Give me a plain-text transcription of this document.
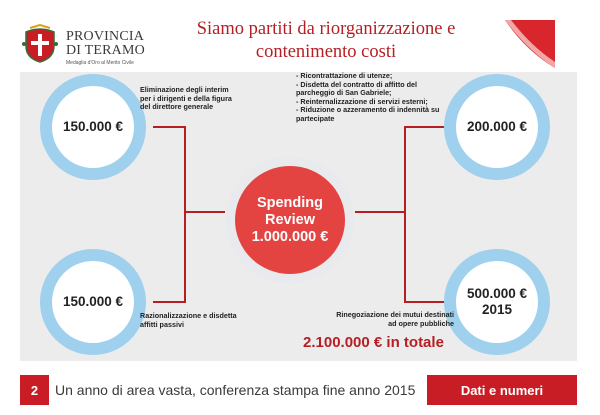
PROVINCIA
DI TERAMO
Medaglia d'Oro al Merito Civile
Siamo partiti da riorganizzazione e contenimento costi
150.000 €
150.000 €
200.000 €
500.000 €
2015
Spending
Review
1.000.000 €
Eliminazione degli interim per i dirigenti e della figura del direttore generale
Razionalizzazione e disdetta affitti passivi
- Ricontrattazione di utenze;
- Disdetta del contratto di affitto del parcheggio di San Gabriele;
- Reinternalizzazione di servizi esterni;
- Riduzione o azzeramento di indennità su partecipate
Rinegoziazione dei mutui destinati ad opere pubbliche
2.100.000 € in totale
2	Un anno di area vasta, conferenza stampa fine anno 2015	Dati e numeri
